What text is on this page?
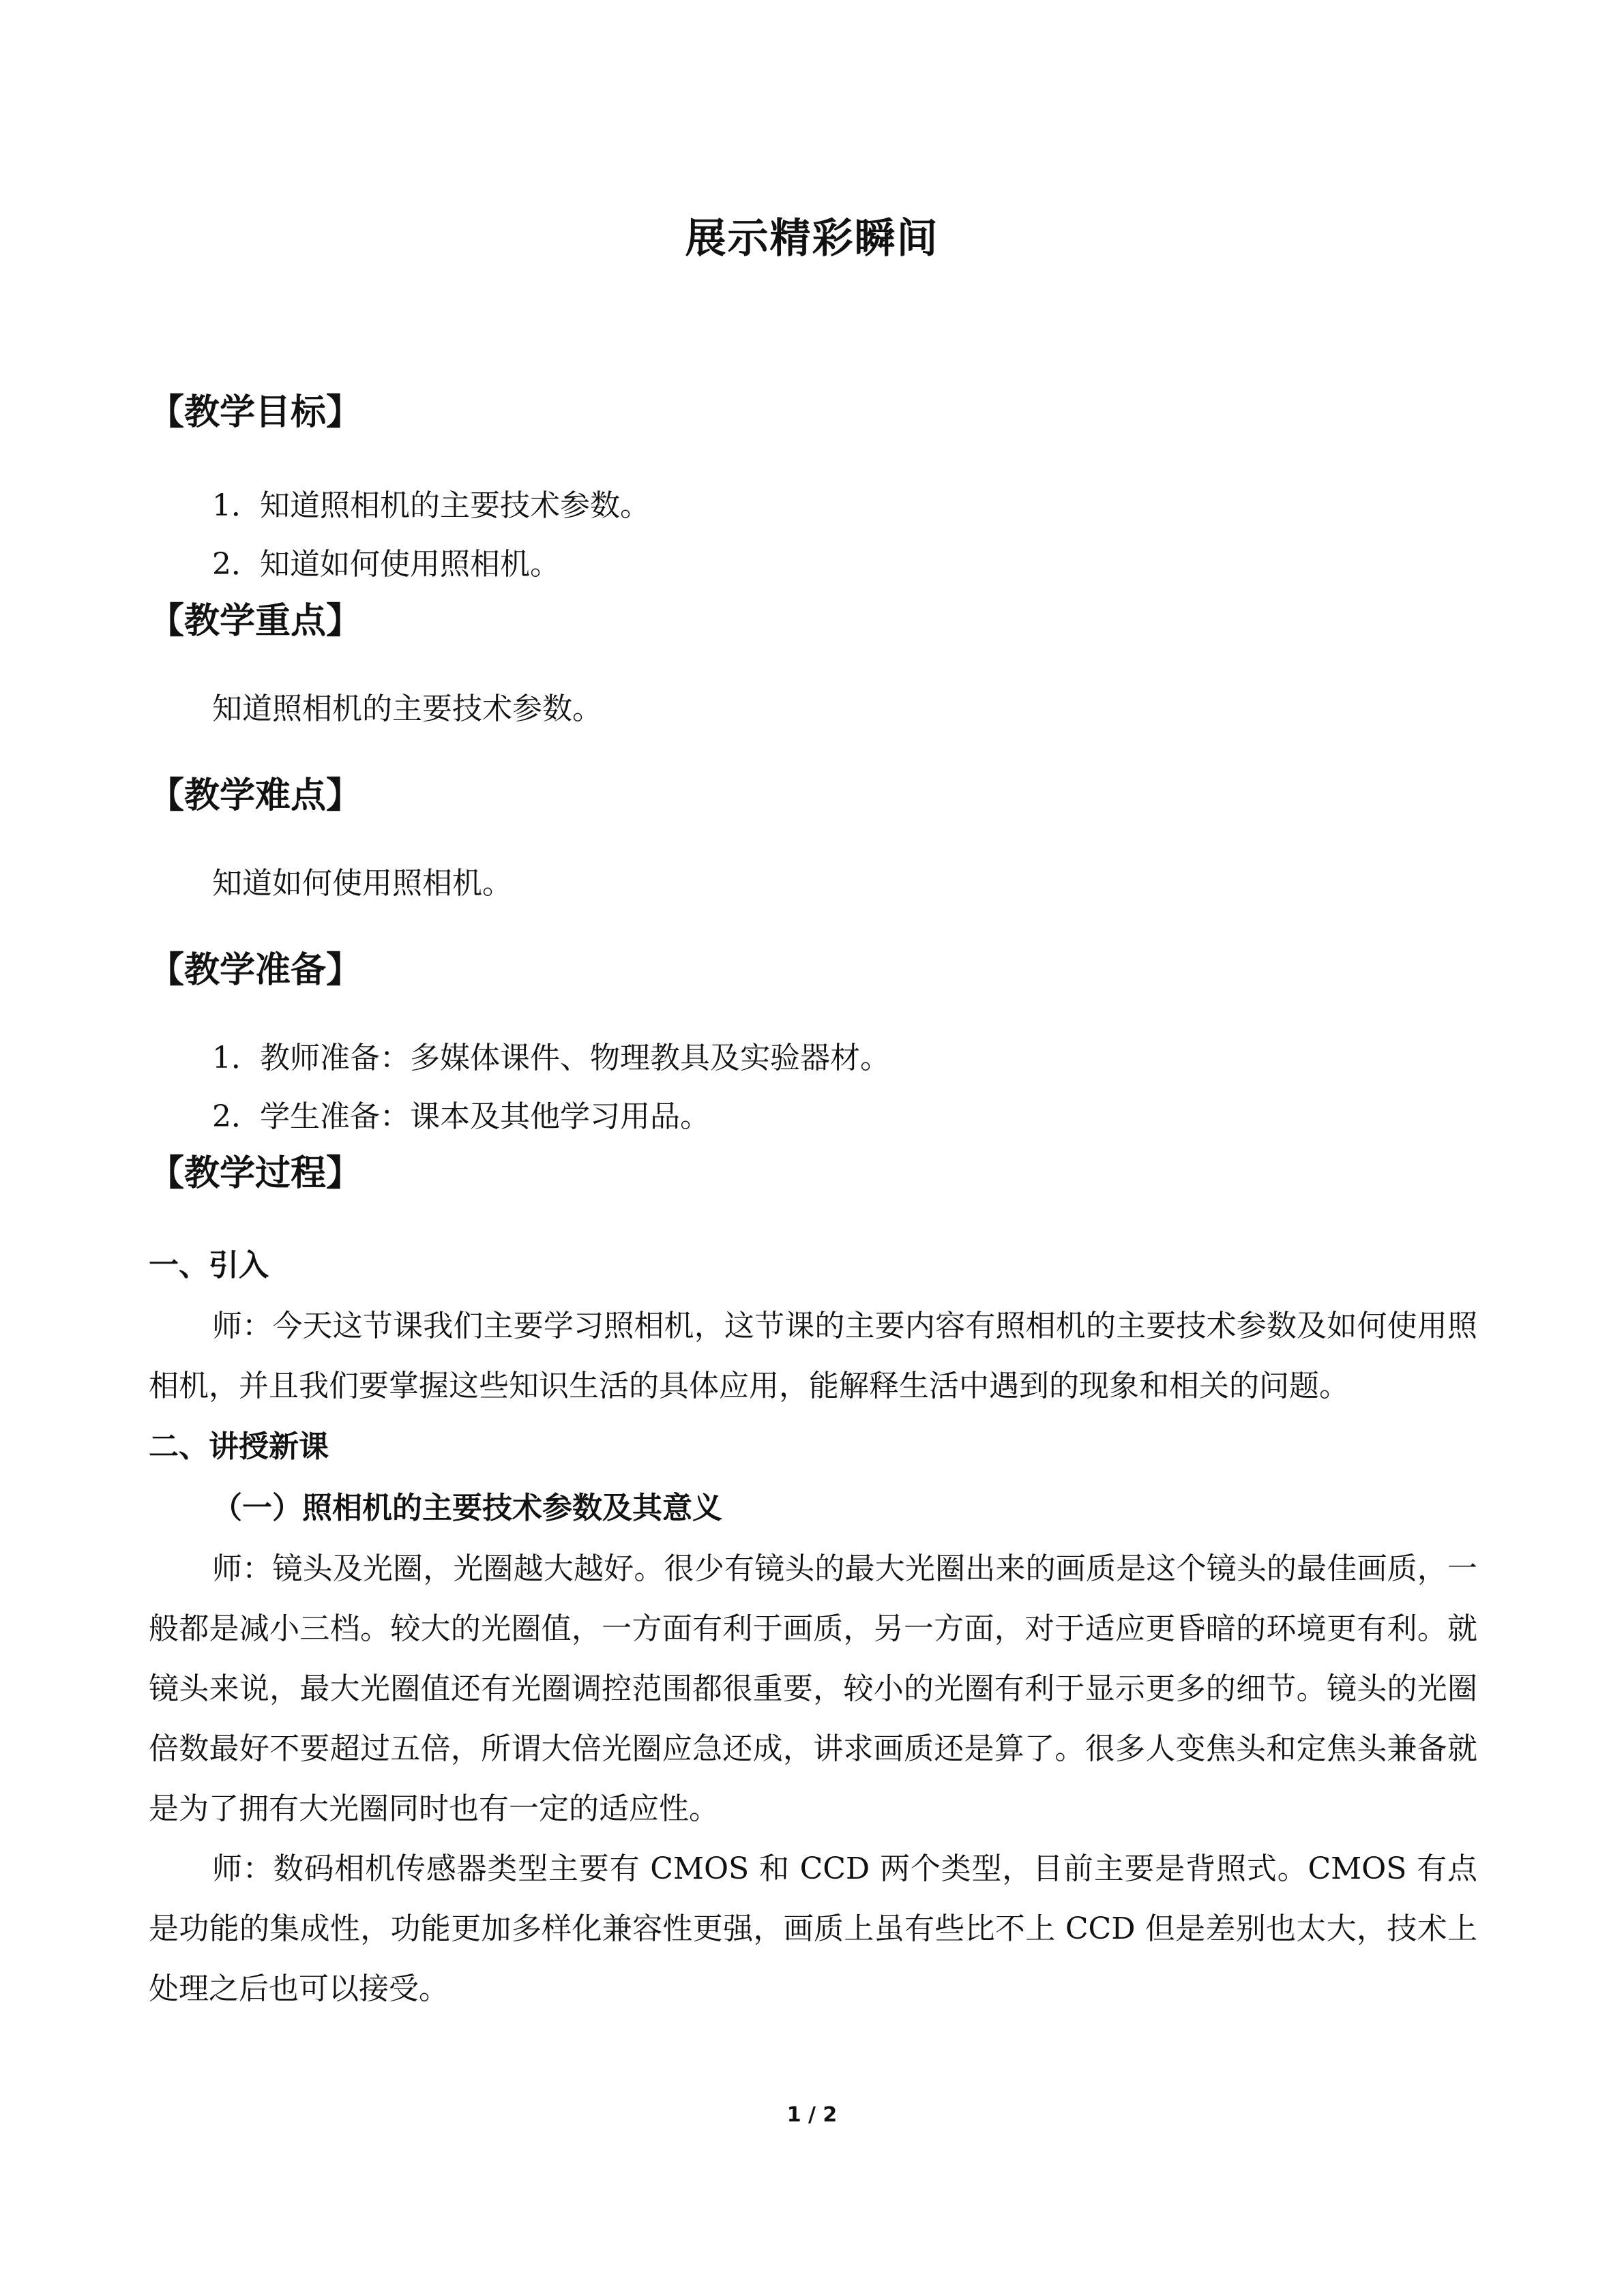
展示精彩瞬间
【教学目标】
1．知道照相机的主要技术参数。
2．知道如何使用照相机。
【教学重点】
知道照相机的主要技术参数。
【教学难点】
知道如何使用照相机。
【教学准备】
1．教师准备：多媒体课件、物理教具及实验器材。
2．学生准备：课本及其他学习用品。
【教学过程】
一、引入

师：今天这节课我们主要学习照相机，这节课的主要内容有照相机的主要技术参数及如何使用照相机，并且我们要掌握这些知识生活的具体应用，能解释生活中遇到的现象和相关的问题。

二、讲授新课
（一）照相机的主要技术参数及其意义

师：镜头及光圈，光圈越大越好。很少有镜头的最大光圈出来的画质是这个镜头的最佳画质，一般都是减小三档。较大的光圈值，一方面有利于画质，另一方面，对于适应更昏暗的环境更有利。就镜头来说，最大光圈值还有光圈调控范围都很重要，较小的光圈有利于显示更多的细节。镜头的光圈倍数最好不要超过五倍，所谓大倍光圈应急还成，讲求画质还是算了。很多人变焦头和定焦头兼备就是为了拥有大光圈同时也有一定的适应性。

师：数码相机传感器类型主要有 CMOS 和 CCD 两个类型，目前主要是背照式。CMOS 有点是功能的集成性，功能更加多样化兼容性更强，画质上虽有些比不上 CCD 但是差别也太大，技术上处理之后也可以接受。

1 / 2
